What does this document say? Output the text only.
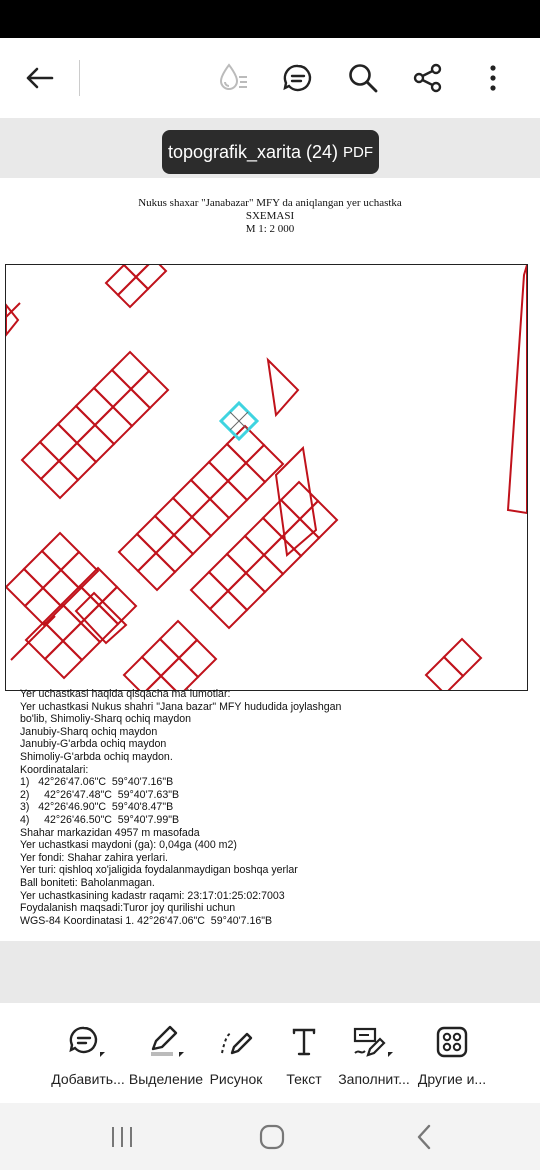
topografik_xarita (24) PDF
Nukus shaxar "Janabazar" MFY da aniqlangan yer uchastka
SXEMASI
M 1: 2 000
Yer uchastkasi haqida qisqacha ma`lumotlar:
Yer uchastkasi Nukus shahri "Jana bazar" MFY hududida joylashgan
bo'lib, Shimoliy-Sharq ochiq maydon
Janubiy-Sharq ochiq maydon
Janubiy-G'arbda ochiq maydon
Shimoliy-G'arbda ochiq maydon.
Koordinatalari:
1)   42°26'47.06"C  59°40'7.16"B
2)     42°26'47.48"C  59°40'7.63"B
3)   42°26'46.90"C  59°40'8.47"B
4)     42°26'46.50"C  59°40'7.99"B
Shahar markazidan 4957 m masofada
Yer uchastkasi maydoni (ga): 0,04ga (400 m2)
Yer fondi: Shahar zahira yerlari.
Yer turi: qishloq xo'jaligida foydalanmaydigan boshqa yerlar
Ball boniteti: Baholanmagan.
Yer uchastkasining kadastr raqami: 23:17:01:25:02:7003
Foydalanish maqsadi:Turor joy qurilishi uchun
WGS-84 Koordinatasi 1. 42°26'47.06"C  59°40'7.16"B
Добавить... Выделение Рисунок	Текст	Заполнит... Другие и...
